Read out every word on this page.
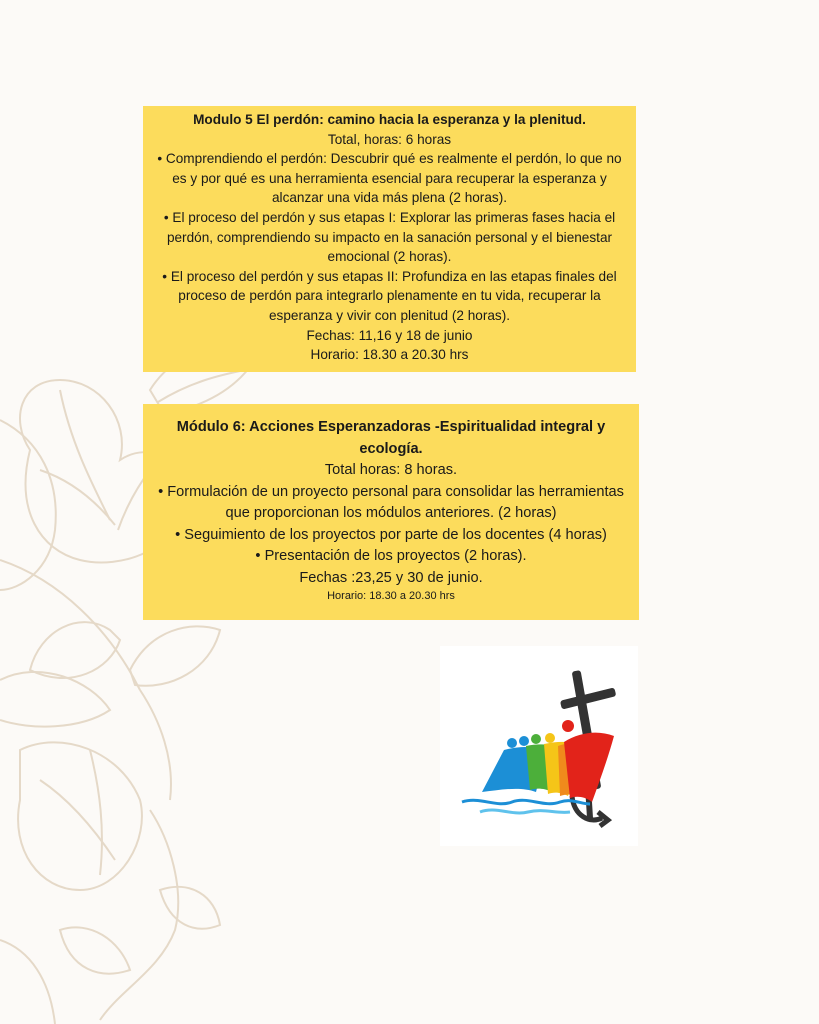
Modulo 5 El perdón: camino hacia la esperanza y la plenitud.

Total, horas: 6 horas

• Comprendiendo el perdón: Descubrir qué es realmente el perdón, lo que no es y por qué es una herramienta esencial para recuperar la esperanza y alcanzar una vida más plena (2 horas).

• El proceso del perdón y sus etapas I: Explorar las primeras fases hacia el perdón, comprendiendo su impacto en la sanación personal y el bienestar emocional (2 horas).

• El proceso del perdón y sus etapas II: Profundiza en las etapas finales del proceso de perdón para integrarlo plenamente en tu vida, recuperar la esperanza y vivir con plenitud (2 horas).

Fechas: 11,16 y 18 de junio

Horario: 18.30 a 20.30 hrs

Módulo 6: Acciones Esperanzadoras -Espiritualidad integral y ecología.

Total horas: 8 horas.

• Formulación de un proyecto personal para consolidar las herramientas que proporcionan los módulos anteriores. (2 horas)

• Seguimiento de los proyectos por parte de los docentes (4 horas)

• Presentación de los proyectos (2 horas).

Fechas :23,25 y 30 de junio.

Horario: 18.30 a 20.30 hrs
